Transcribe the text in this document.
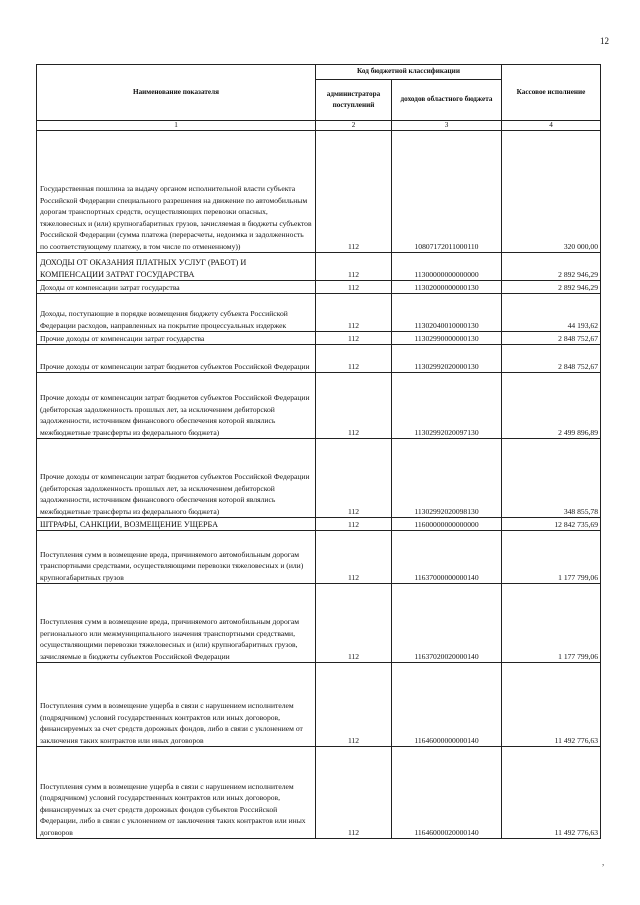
12
Наименование показателя	Код бюджетной классификации		Кассовое исполнение
	администратора поступлений	доходов областного бюджета	
1	2	3	4
Государственная пошлина за выдачу органом исполнительной власти субъекта Российской Федерации специального разрешения на движение по автомобильным дорогам транспортных средств, осуществляющих перевозки опасных, тяжеловесных и (или) крупногабаритных грузов, зачисляемая в бюджеты субъектов Российской Федерации (сумма платежа (перерасчеты, недоимка и задолженность по соответствующему платежу, в том числе по отмененному))	112	10807172011000110	320 000,00
ДОХОДЫ ОТ ОКАЗАНИЯ ПЛАТНЫХ УСЛУГ (РАБОТ) И КОМПЕНСАЦИИ ЗАТРАТ ГОСУДАРСТВА	112	11300000000000000	2 892 946,29
Доходы от компенсации затрат государства	112	11302000000000130	2 892 946,29
Доходы, поступающие в порядке возмещения бюджету субъекта Российской Федерации расходов, направленных на покрытие процессуальных издержек	112	11302040010000130	44 193,62
Прочие доходы от компенсации затрат государства	112	11302990000000130	2 848 752,67
Прочие доходы от компенсации затрат бюджетов субъектов Российской Федерации	112	11302992020000130	2 848 752,67
Прочие доходы от компенсации затрат бюджетов субъектов Российской Федерации (дебиторская задолженность прошлых лет, за исключением дебиторской задолженности, источником финансового обеспечения которой являлись межбюджетные трансферты из федерального бюджета)	112	11302992020097130	2 499 896,89
Прочие доходы от компенсации затрат бюджетов субъектов Российской Федерации (дебиторская задолженность прошлых лет, за исключением дебиторской задолженности, источником финансового обеспечения которой являлись межбюджетные трансферты из федерального бюджета)	112	11302992020098130	348 855,78
ШТРАФЫ, САНКЦИИ, ВОЗМЕЩЕНИЕ УЩЕРБА	112	11600000000000000	12 842 735,69
Поступления сумм в возмещение вреда, причиняемого автомобильным дорогам транспортными средствами, осуществляющими перевозки тяжеловесных и (или) крупногабаритных грузов	112	11637000000000140	1 177 799,06
Поступления сумм в возмещение вреда, причиняемого автомобильным дорогам регионального или межмуниципального значения транспортными средствами, осуществляющими перевозки тяжеловесных и (или) крупногабаритных грузов, зачисляемые в бюджеты субъектов Российской Федерации	112	11637020020000140	1 177 799,06
Поступления сумм в возмещение ущерба в связи с нарушением исполнителем (подрядчиком) условий государственных контрактов или иных договоров, финансируемых за счет средств дорожных фондов, либо в связи с уклонением от заключения таких контрактов или иных договоров	112	11646000000000140	11 492 776,63
Поступления сумм в возмещение ущерба в связи с нарушением исполнителем (подрядчиком) условий государственных контрактов или иных договоров, финансируемых за счет средств дорожных фондов субъектов Российской Федерации, либо в связи с уклонением от заключения таких контрактов или иных договоров	112	11646000020000140	11 492 776,63
,
